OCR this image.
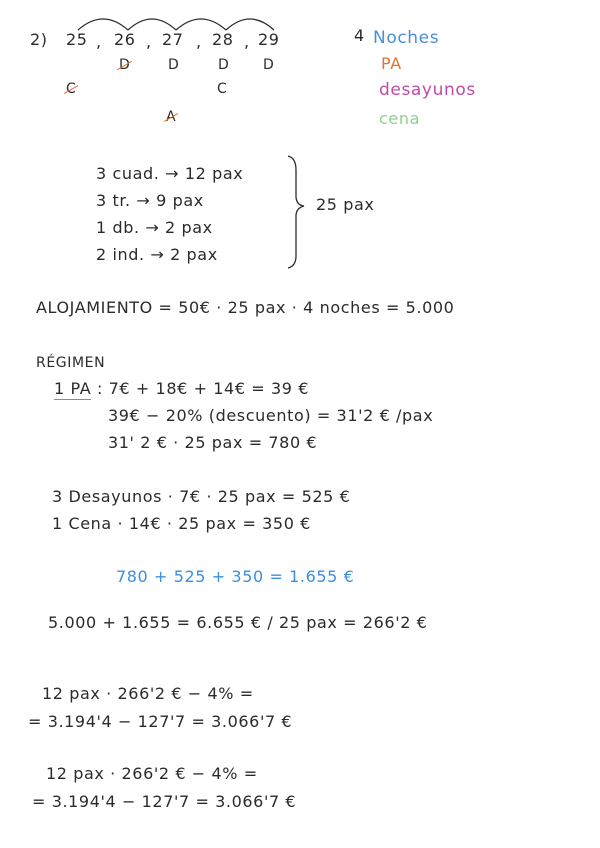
2) 25 , 26 , 27 , 28 , 29
D	D	D D
C	C
A
4 Noches
PA
desayunos
cena
3 cuad. → 12 pax
3 tr. → 9 pax
1 db. → 2 pax
2 ind. → 2 pax
25 pax
ALOJAMIENTO = 50€ · 25 pax · 4 noches = 5.000
RÉGIMEN
1 PA : 7€ + 18€ + 14€ = 39 €
39€ − 20% (descuento) = 31'2 € /pax
31' 2 € · 25 pax = 780 €
3 Desayunos · 7€ · 25 pax = 525 €
1 Cena · 14€ · 25 pax = 350 €
780 + 525 + 350 = 1.655 €
5.000 + 1.655 = 6.655 € / 25 pax = 266'2 €
12 pax · 266'2 € − 4% =
= 3.194'4 − 127'7 = 3.066'7 €
12 pax · 266'2 € − 4% =
= 3.194'4 − 127'7 = 3.066'7 €
